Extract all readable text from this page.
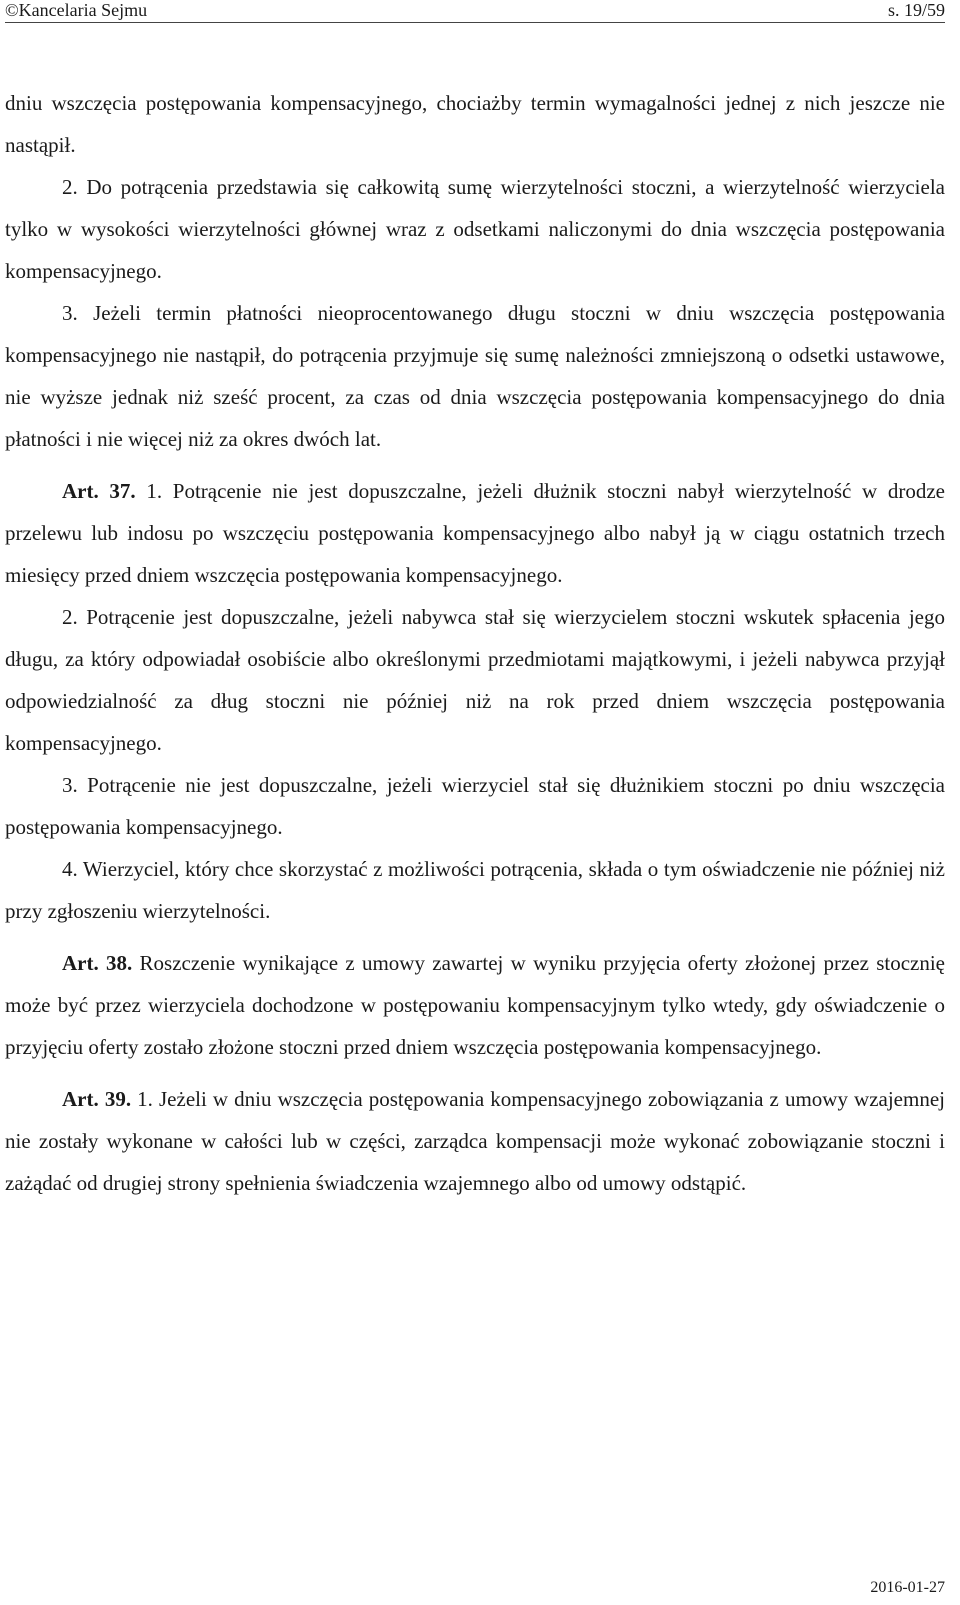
©Kancelaria Sejmu	s. 19/59

dniu wszczęcia postępowania kompensacyjnego, chociażby termin wymagalności jednej z nich jeszcze nie nastąpił.

2. Do potrącenia przedstawia się całkowitą sumę wierzytelności stoczni, a wierzytelność wierzyciela tylko w wysokości wierzytelności głównej wraz z odsetkami naliczonymi do dnia wszczęcia postępowania kompensacyjnego.

3. Jeżeli termin płatności nieoprocentowanego długu stoczni w dniu wszczęcia postępowania kompensacyjnego nie nastąpił, do potrącenia przyjmuje się sumę należności zmniejszoną o odsetki ustawowe, nie wyższe jednak niż sześć procent, za czas od dnia wszczęcia postępowania kompensacyjnego do dnia płatności i nie więcej niż za okres dwóch lat.

Art. 37. 1. Potrącenie nie jest dopuszczalne, jeżeli dłużnik stoczni nabył wierzytelność w drodze przelewu lub indosu po wszczęciu postępowania kompensacyjnego albo nabył ją w ciągu ostatnich trzech miesięcy przed dniem wszczęcia postępowania kompensacyjnego.

2. Potrącenie jest dopuszczalne, jeżeli nabywca stał się wierzycielem stoczni wskutek spłacenia jego długu, za który odpowiadał osobiście albo określonymi przedmiotami majątkowymi, i jeżeli nabywca przyjął odpowiedzialność za dług stoczni nie później niż na rok przed dniem wszczęcia postępowania kompensacyjnego.

3. Potrącenie nie jest dopuszczalne, jeżeli wierzyciel stał się dłużnikiem stoczni po dniu wszczęcia postępowania kompensacyjnego.

4. Wierzyciel, który chce skorzystać z możliwości potrącenia, składa o tym oświadczenie nie później niż przy zgłoszeniu wierzytelności.

Art. 38. Roszczenie wynikające z umowy zawartej w wyniku przyjęcia oferty złożonej przez stocznię może być przez wierzyciela dochodzone w postępowaniu kompensacyjnym tylko wtedy, gdy oświadczenie o przyjęciu oferty zostało złożone stoczni przed dniem wszczęcia postępowania kompensacyjnego.

Art. 39. 1. Jeżeli w dniu wszczęcia postępowania kompensacyjnego zobowiązania z umowy wzajemnej nie zostały wykonane w całości lub w części, zarządca kompensacji może wykonać zobowiązanie stoczni i zażądać od drugiej strony spełnienia świadczenia wzajemnego albo od umowy odstąpić.

2016-01-27
